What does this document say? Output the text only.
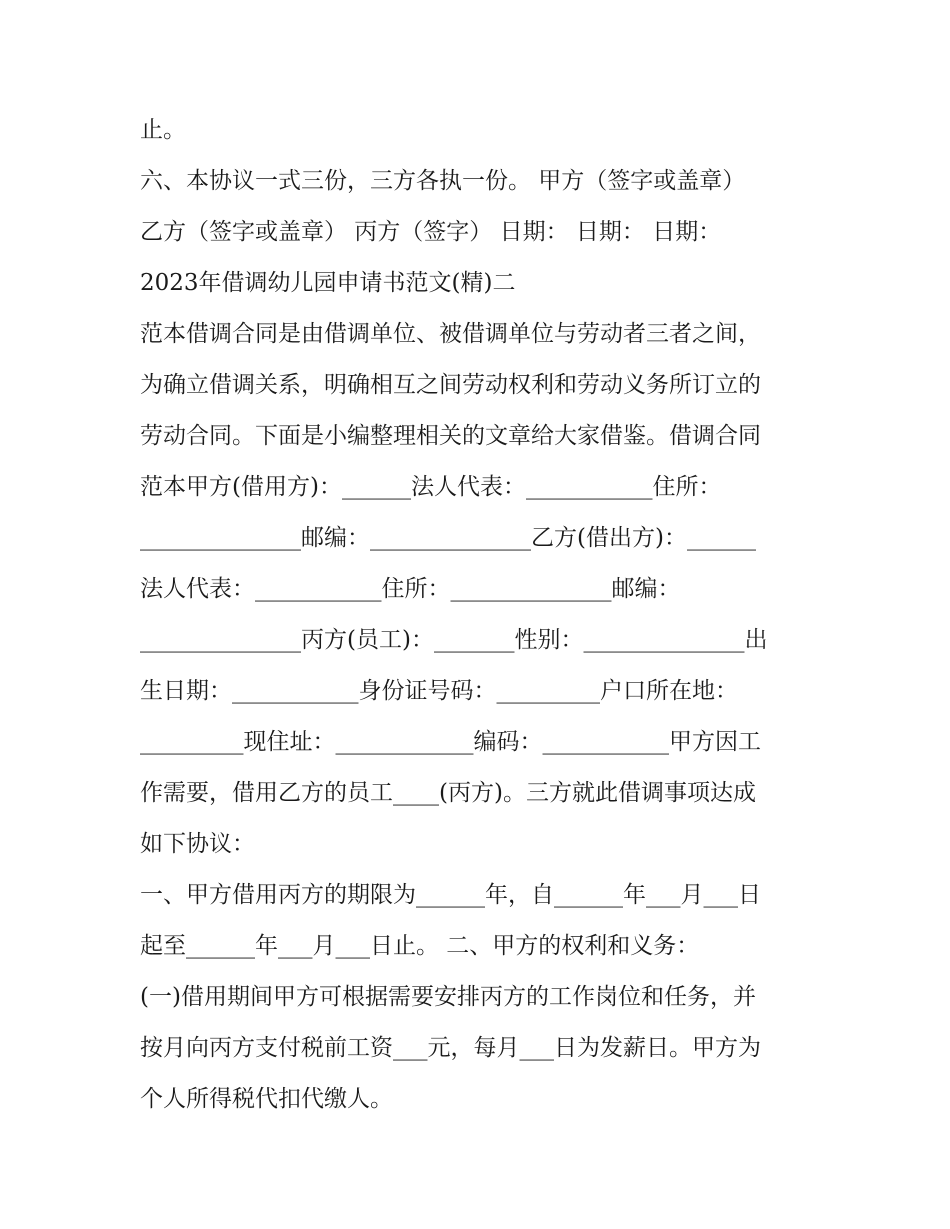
止。
六、本协议一式三份，三方各执一份。 甲方（签字或盖章）
乙方（签字或盖章） 丙方（签字） 日期： 日期： 日期：
2023年借调幼儿园申请书范文(精)二
范本借调合同是由借调单位、被借调单位与劳动者三者之间，
为确立借调关系，明确相互之间劳动权利和劳动义务所订立的
劳动合同。下面是小编整理相关的文章给大家借鉴。借调合同
范本甲方(借用方)：______法人代表：___________住所：
______________邮编：______________乙方(借出方)：______
法人代表：___________住所：______________邮编：
______________丙方(员工)：_______性别：______________出
生日期：___________身份证号码：_________户口所在地：
_________现住址：____________编码：___________甲方因工
作需要，借用乙方的员工____(丙方)。三方就此借调事项达成
如下协议：
一、甲方借用丙方的期限为______年，自______年___月___日
起至______年___月___日止。 二、甲方的权利和义务：
(一)借用期间甲方可根据需要安排丙方的工作岗位和任务，并
按月向丙方支付税前工资___元，每月___日为发薪日。甲方为
个人所得税代扣代缴人。
